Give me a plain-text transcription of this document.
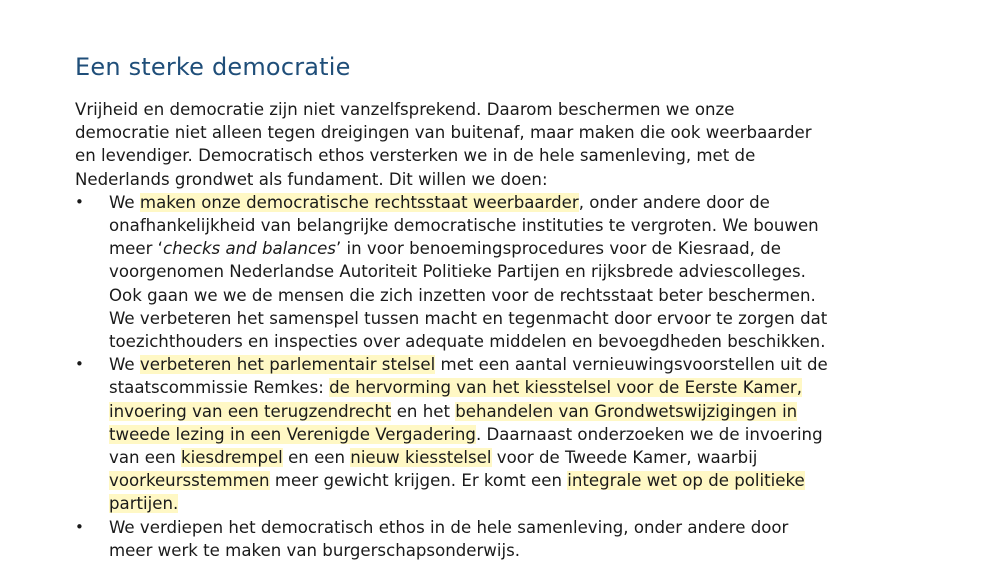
Een sterke democratie

Vrijheid en democratie zijn niet vanzelfsprekend. Daarom beschermen we onze
democratie niet alleen tegen dreigingen van buitenaf, maar maken die ook weerbaarder
en levendiger. Democratisch ethos versterken we in de hele samenleving, met de
Nederlands grondwet als fundament. Dit willen we doen:

• We maken onze democratische rechtsstaat weerbaarder, onder andere door de
onafhankelijkheid van belangrijke democratische instituties te vergroten. We bouwen
meer ‘checks and balances’ in voor benoemingsprocedures voor de Kiesraad, de
voorgenomen Nederlandse Autoriteit Politieke Partijen en rijksbrede adviescolleges.
Ook gaan we we de mensen die zich inzetten voor de rechtsstaat beter beschermen.
We verbeteren het samenspel tussen macht en tegenmacht door ervoor te zorgen dat
toezichthouders en inspecties over adequate middelen en bevoegdheden beschikken.
• We verbeteren het parlementair stelsel met een aantal vernieuwingsvoorstellen uit de
staatscommissie Remkes: de hervorming van het kiesstelsel voor de Eerste Kamer,
invoering van een terugzendrecht en het behandelen van Grondwetswijzigingen in
tweede lezing in een Verenigde Vergadering. Daarnaast onderzoeken we de invoering
van een kiesdrempel en een nieuw kiesstelsel voor de Tweede Kamer, waarbij
voorkeursstemmen meer gewicht krijgen. Er komt een integrale wet op de politieke
partijen.
• We verdiepen het democratisch ethos in de hele samenleving, onder andere door
meer werk te maken van burgerschapsonderwijs.
